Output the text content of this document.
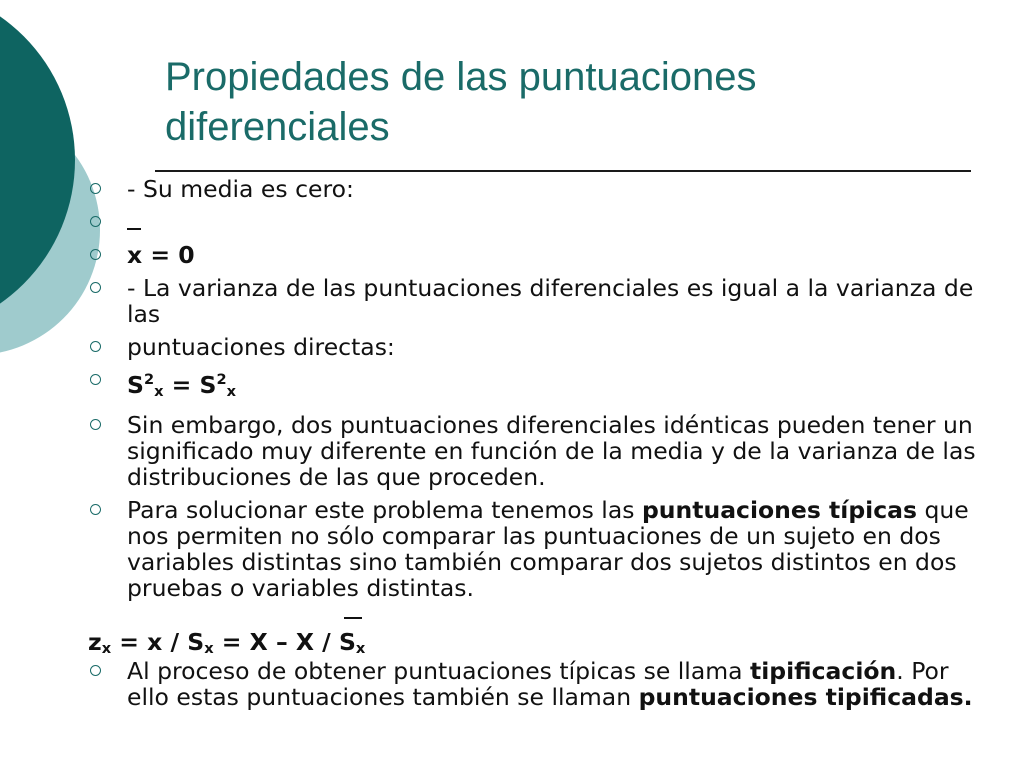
Propiedades de las puntuaciones diferenciales
- Su media es cero:
x = 0
- La varianza de las puntuaciones diferenciales es igual a la varianza de las
puntuaciones directas:
$S^2_x = S^2_x$
Sin embargo, dos puntuaciones diferenciales idénticas pueden tener un significado muy diferente en función de la media y de la varianza de las distribuciones de las que proceden.
Para solucionar este problema tenemos las puntuaciones típicas que nos permiten no sólo comparar las puntuaciones de un sujeto en dos variables distintas sino también comparar dos sujetos distintos en dos pruebas o variables distintas.
$z_x = x / S_x = X - X / S_x$
Al proceso de obtener puntuaciones típicas se llama tipificación. Por ello estas puntuaciones también se llaman puntuaciones tipificadas.
